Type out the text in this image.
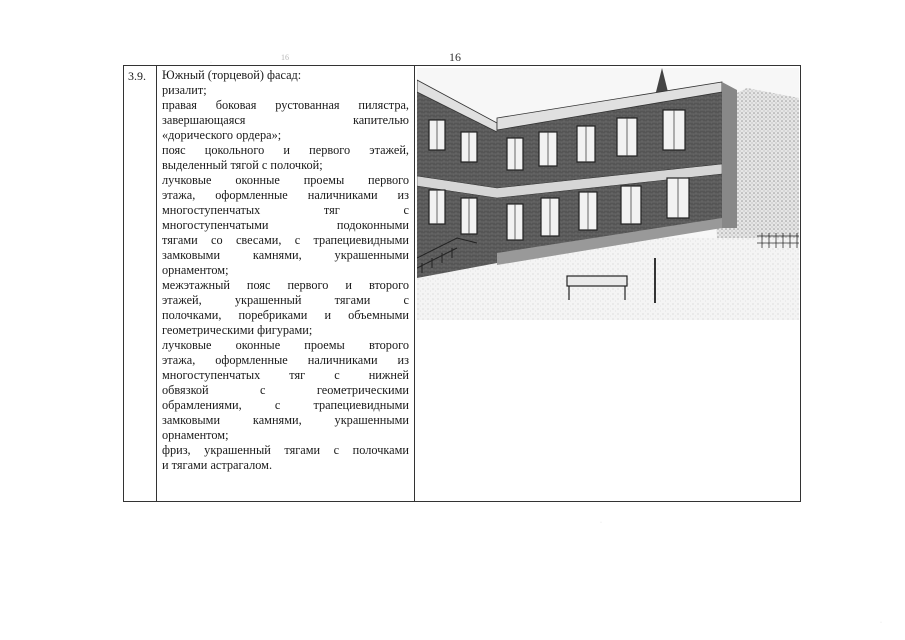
16
16
3.9. Южный (торцевой) фасад:
ризалит;
правая боковая рустованная пилястра,
завершающаяся капителью
«дорического ордера»;
пояс цокольного и первого этажей,
выделенный тягой с полочкой;
лучковые оконные проемы первого
этажа, оформленные наличниками из
многоступенчатых тяг с
многоступенчатыми подоконными
тягами со свесами, с трапециевидными
замковыми камнями, украшенными
орнаментом;
межэтажный пояс первого и второго
этажей, украшенный тягами с
полочками, поребриками и объемными
геометрическими фигурами;
лучковые оконные проемы второго
этажа, оформленные наличниками из
многоступенчатых тяг с нижней
обвязкой с геометрическими
обрамлениями, с трапециевидными
замковыми камнями, украшенными
орнаментом;
фриз, украшенный тягами с полочками
и тягами астрагалом.
·
·
·
